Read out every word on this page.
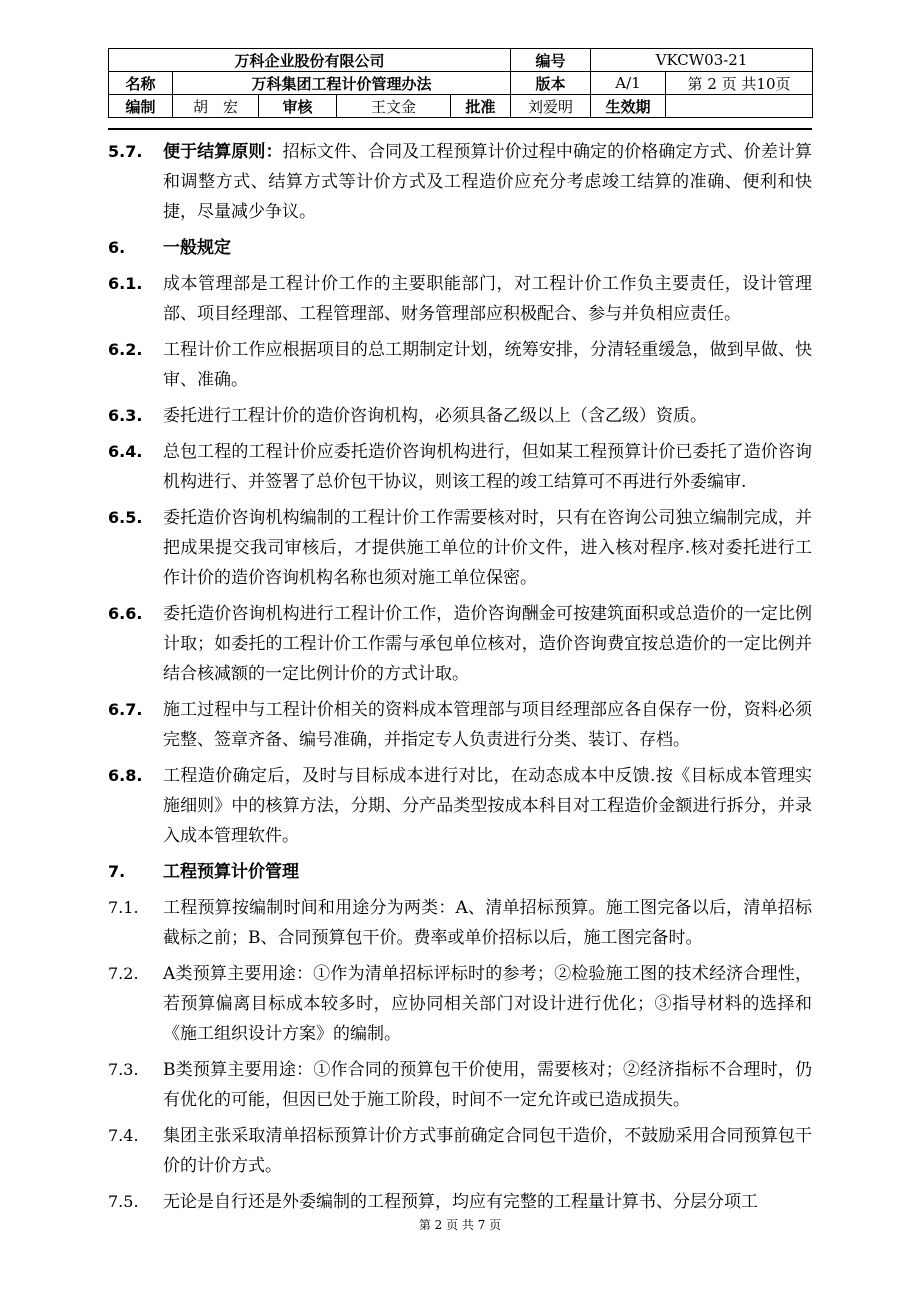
万科企业股份有限公司					编号	VKCW03-21	
名称	万科集团工程计价管理办法				版本	A/1	第 2 页 共10页
编制	胡　宏	审核	王文金	批准	刘爱明	生效期	
5.7.	便于结算原则：招标文件、合同及工程预算计价过程中确定的价格确定方式、价差计算和调整方式、结算方式等计价方式及工程造价应充分考虑竣工结算的准确、便利和快捷，尽量减少争议。
6.	一般规定
6.1.	成本管理部是工程计价工作的主要职能部门，对工程计价工作负主要责任，设计管理部、项目经理部、工程管理部、财务管理部应积极配合、参与并负相应责任。
6.2.	工程计价工作应根据项目的总工期制定计划，统筹安排，分清轻重缓急，做到早做、快审、准确。
6.3.	委托进行工程计价的造价咨询机构，必须具备乙级以上（含乙级）资质。
6.4.	总包工程的工程计价应委托造价咨询机构进行，但如某工程预算计价已委托了造价咨询机构进行、并签署了总价包干协议，则该工程的竣工结算可不再进行外委编审.
6.5.	委托造价咨询机构编制的工程计价工作需要核对时，只有在咨询公司独立编制完成，并把成果提交我司审核后，才提供施工单位的计价文件，进入核对程序.核对委托进行工作计价的造价咨询机构名称也须对施工单位保密。
6.6.	委托造价咨询机构进行工程计价工作，造价咨询酬金可按建筑面积或总造价的一定比例计取；如委托的工程计价工作需与承包单位核对，造价咨询费宜按总造价的一定比例并结合核减额的一定比例计价的方式计取。
6.7.	施工过程中与工程计价相关的资料成本管理部与项目经理部应各自保存一份，资料必须完整、签章齐备、编号准确，并指定专人负责进行分类、装订、存档。
6.8.	工程造价确定后，及时与目标成本进行对比，在动态成本中反馈.按《目标成本管理实施细则》中的核算方法，分期、分产品类型按成本科目对工程造价金额进行拆分，并录入成本管理软件。
7.	工程预算计价管理
7.1.	工程预算按编制时间和用途分为两类：A、清单招标预算。施工图完备以后，清单招标截标之前；B、合同预算包干价。费率或单价招标以后，施工图完备时。
7.2.	A类预算主要用途：①作为清单招标评标时的参考；②检验施工图的技术经济合理性，若预算偏离目标成本较多时，应协同相关部门对设计进行优化；③指导材料的选择和《施工组织设计方案》的编制。
7.3.	B类预算主要用途：①作合同的预算包干价使用，需要核对；②经济指标不合理时，仍有优化的可能，但因已处于施工阶段，时间不一定允许或已造成损失。
7.4.	集团主张采取清单招标预算计价方式事前确定合同包干造价，不鼓励采用合同预算包干价的计价方式。
7.5.	无论是自行还是外委编制的工程预算，均应有完整的工程量计算书、分层分项工
第 2 页 共 7 页
